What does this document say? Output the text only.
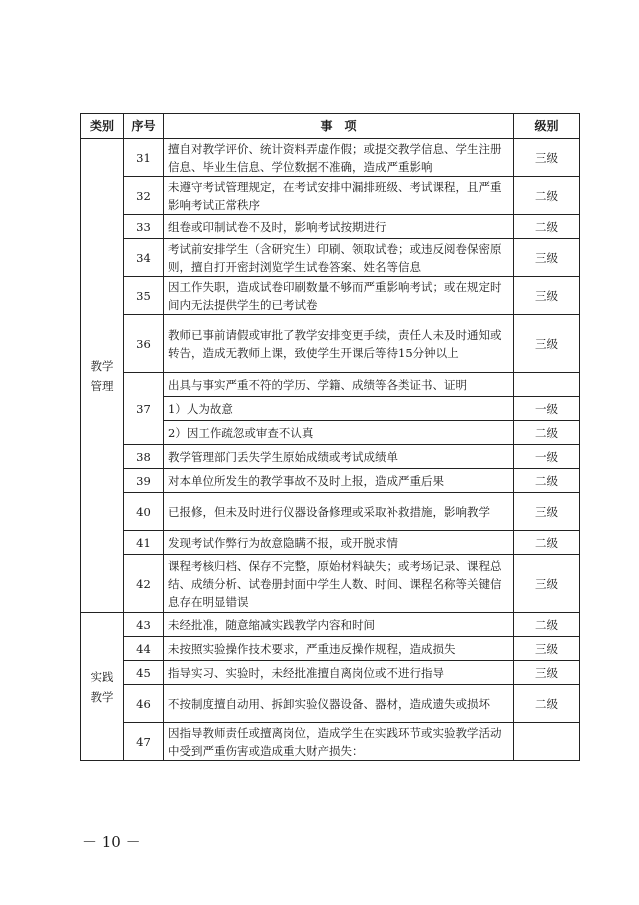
类别	序号	事　项	级别
教学管理	31	擅自对教学评价、统计资料弄虚作假；或提交教学信息、学生注册信息、毕业生信息、学位数据不准确，造成严重影响	三级
	32	未遵守考试管理规定，在考试安排中漏排班级、考试课程，且严重影响考试正常秩序	二级
	33	组卷或印制试卷不及时，影响考试按期进行	二级
	34	考试前安排学生（含研究生）印刷、领取试卷；或违反阅卷保密原则，擅自打开密封浏览学生试卷答案、姓名等信息	三级
	35	因工作失职，造成试卷印刷数量不够而严重影响考试；或在规定时间内无法提供学生的已考试卷	三级
	36	教师已事前请假或审批了教学安排变更手续，责任人未及时通知或转告，造成无教师上课，致使学生开课后等待15分钟以上	三级
	37	出具与事实严重不符的学历、学籍、成绩等各类证书、证明	
		1）人为故意	一级
		2）因工作疏忽或审查不认真	二级
	38	教学管理部门丢失学生原始成绩或考试成绩单	一级
	39	对本单位所发生的教学事故不及时上报，造成严重后果	二级
	40	已报修，但未及时进行仪器设备修理或采取补救措施，影响教学	三级
	41	发现考试作弊行为故意隐瞒不报，或开脱求情	二级
	42	课程考核归档、保存不完整，原始材料缺失；或考场记录、课程总结、成绩分析、试卷册封面中学生人数、时间、课程名称等关键信息存在明显错误	三级
实践教学	43	未经批准，随意缩减实践教学内容和时间	二级
	44	未按照实验操作技术要求，严重违反操作规程，造成损失	三级
	45	指导实习、实验时，未经批准擅自离岗位或不进行指导	三级
	46	不按制度擅自动用、拆卸实验仪器设备、器材，造成遗失或损坏	二级
	47	因指导教师责任或擅离岗位，造成学生在实践环节或实验教学活动中受到严重伤害或造成重大财产损失：	
－ 10 －
